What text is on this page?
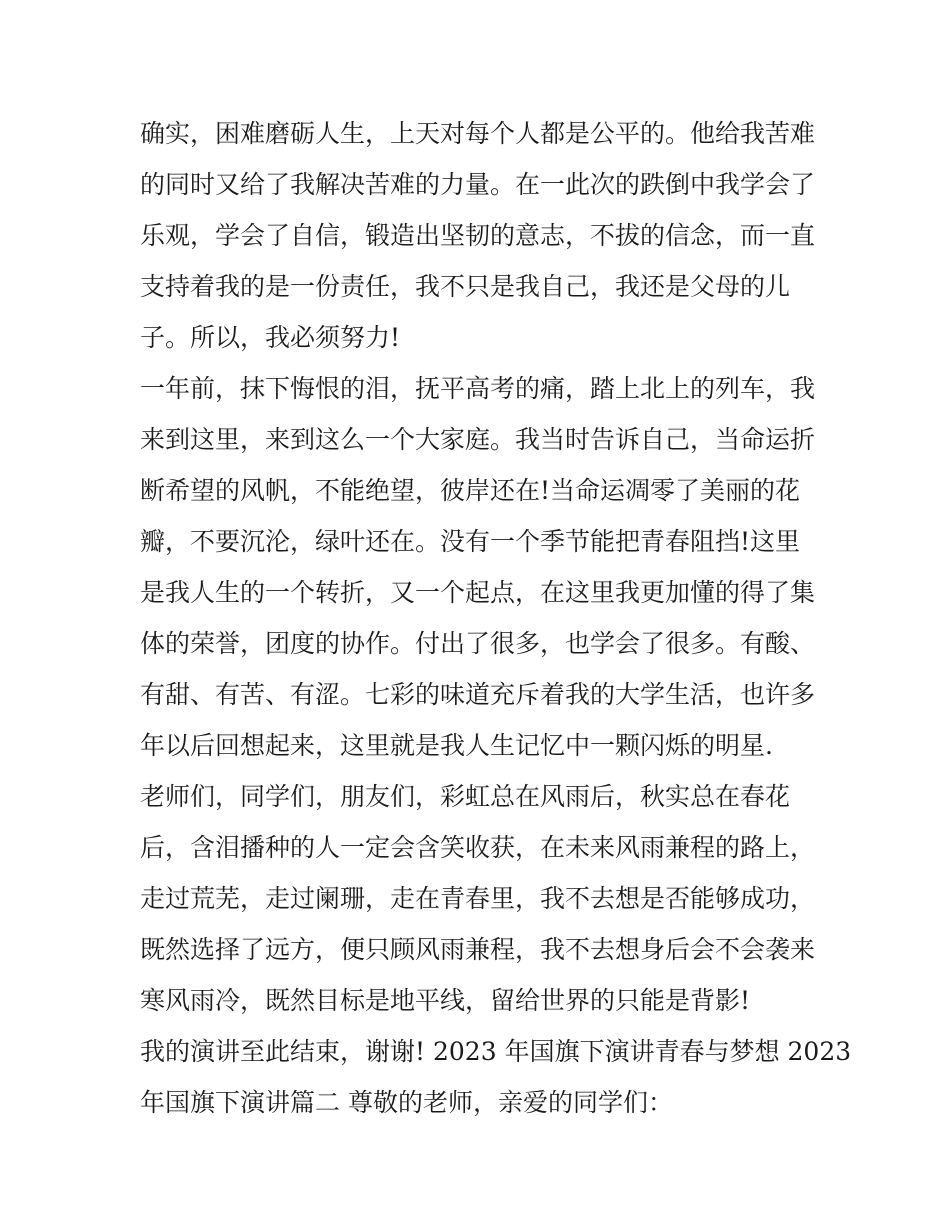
确实，困难磨砺人生，上天对每个人都是公平的。他给我苦难
的同时又给了我解决苦难的力量。在一此次的跌倒中我学会了
乐观，学会了自信，锻造出坚韧的意志，不拔的信念，而一直
支持着我的是一份责任，我不只是我自己，我还是父母的儿
子。所以，我必须努力!
一年前，抹下悔恨的泪，抚平高考的痛，踏上北上的列车，我
来到这里，来到这么一个大家庭。我当时告诉自己，当命运折
断希望的风帆，不能绝望，彼岸还在!当命运凋零了美丽的花
瓣，不要沉沦，绿叶还在。没有一个季节能把青春阻挡!这里
是我人生的一个转折，又一个起点，在这里我更加懂的得了集
体的荣誉，团度的协作。付出了很多，也学会了很多。有酸、
有甜、有苦、有涩。七彩的味道充斥着我的大学生活，也许多
年以后回想起来，这里就是我人生记忆中一颗闪烁的明星.
老师们，同学们，朋友们，彩虹总在风雨后，秋实总在春花
后，含泪播种的人一定会含笑收获，在未来风雨兼程的路上，
走过荒芜，走过阑珊，走在青春里，我不去想是否能够成功，
既然选择了远方，便只顾风雨兼程，我不去想身后会不会袭来
寒风雨冷，既然目标是地平线，留给世界的只能是背影!
我的演讲至此结束，谢谢! 2023 年国旗下演讲青春与梦想 2023
年国旗下演讲篇二 尊敬的老师，亲爱的同学们：
